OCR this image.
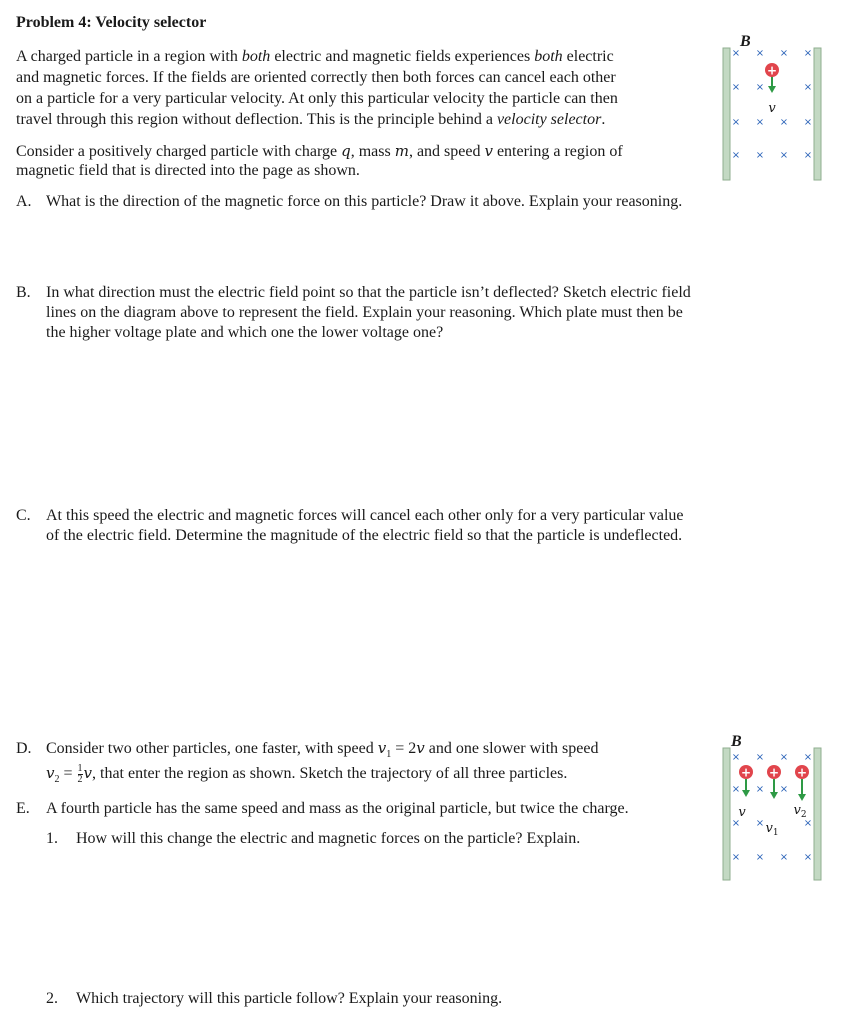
Problem 4: Velocity selector
A charged particle in a region with both electric and magnetic fields experiences both electric
and magnetic forces. If the fields are oriented correctly then both forces can cancel each other
on a particle for a very particular velocity. At only this particular velocity the particle can then
travel through this region without deflection. This is the principle behind a velocity selector.
Consider a positively charged particle with charge q, mass m, and speed v entering a region of
magnetic field that is directed into the page as shown.
A. What is the direction of the magnetic force on this particle? Draw it above. Explain your reasoning.
B. In what direction must the electric field point so that the particle isn’t deflected? Sketch electric field
lines on the diagram above to represent the field. Explain your reasoning. Which plate must then be
the higher voltage plate and which one the lower voltage one?
C. At this speed the electric and magnetic forces will cancel each other only for a very particular value
of the electric field. Determine the magnitude of the electric field so that the particle is undeflected.
D. Consider two other particles, one faster, with speed $v_1 = 2v$ and one slower with speed
$v_2 = \frac{1}{2} v$, that enter the region as shown. Sketch the trajectory of all three particles.
E. A fourth particle has the same speed and mass as the original particle, but twice the charge.
1. How will this change the electric and magnetic forces on the particle? Explain.
2. Which trajectory will this particle follow? Explain your reasoning.
B
× × × ×
× ×	×
× × × ×
× × × ×
+
v
B
× × × ×
× × ×
× ×	×
× × × ×
+
v
+
$v_1$
+
$v_2$
